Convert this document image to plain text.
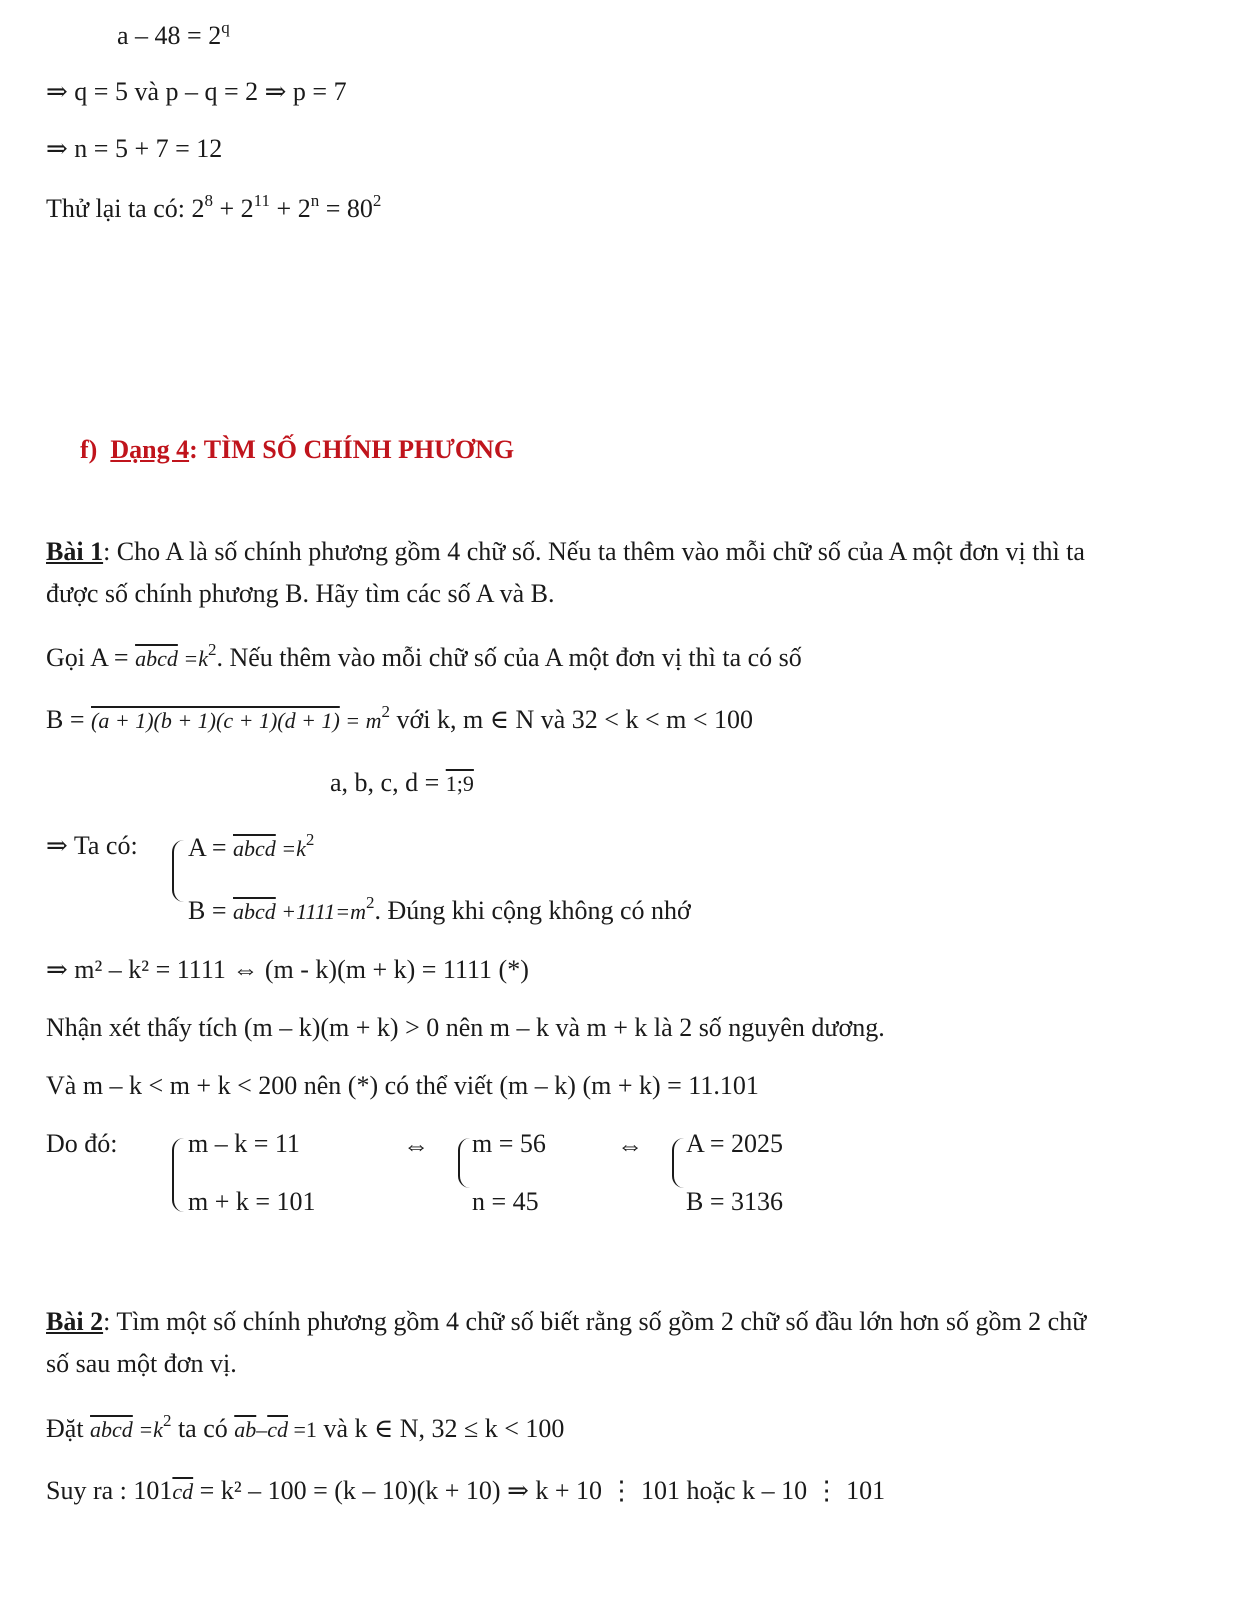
$a - 48 = 2^q$
⇒ q = 5 và p – q = 2 ⇒ p = 7
⇒ n = 5 + 7 = 12
Thử lại ta có: $2^8 + 2^{11} + 2^n = 80^2$
f) Dạng 4: TÌM SỐ CHÍNH PHƯƠNG
Bài 1: Cho A là số chính phương gồm 4 chữ số. Nếu ta thêm vào mỗi chữ số của A một đơn vị thì ta
được số chính phương B. Hãy tìm các số A và B.
Gọi A = abcd $=k^2$. Nếu thêm vào mỗi chữ số của A một đơn vị thì ta có số
$B = (a + 1)(b + 1)(c + 1)(d + 1) = m^2$ với k, m ∈ N và 32 < k < m < 100
a, b, c, d = 1;9
⇒ Ta có: A = abcd $=k^2$
B = abcd $+1111=m^2$. Đúng khi cộng không có nhớ
⇒ m² – k² = 1111 ⇔ (m - k)(m + k) = 1111 (*)
Nhận xét thấy tích (m – k)(m + k) > 0 nên m – k và m + k là 2 số nguyên dương.
Và m – k < m + k < 200 nên (*) có thể viết (m – k) (m + k) = 11.101
Do đó:	m – k = 11
m + k = 101
⇔ m = 56
n = 45
⇔ A = 2025
B = 3136
Bài 2: Tìm một số chính phương gồm 4 chữ số biết rằng số gồm 2 chữ số đầu lớn hơn số gồm 2 chữ
số sau một đơn vị.
Đặt abcd $=k^2$ ta có $\overline{ab}-\overline{cd} =1$ và k ∈ N, 32 ≤ k < 100
Suy ra : $101\overline{cd} = k^2 - 100 = (k - 10)(k + 10)$ ⇒ k + 10 ⋮ 101 hoặc k – 10 ⋮ 101
